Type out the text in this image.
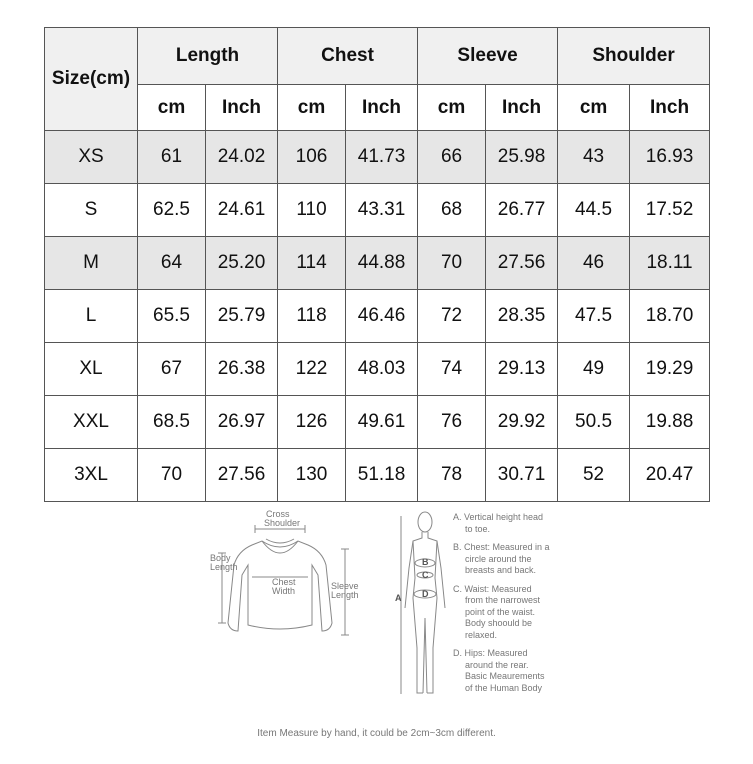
Size(cm)	Length		Chest		Sleeve		Shoulder	
	cm	Inch	cm	Inch	cm	Inch	cm	Inch
XS	61	24.02	106	41.73	66	25.98	43	16.93
S	62.5	24.61	110	43.31	68	26.77	44.5	17.52
M	64	25.20	114	44.88	70	27.56	46	18.11
L	65.5	25.79	118	46.46	72	28.35	47.5	18.70
XL	67	26.38	122	48.03	74	29.13	49	19.29
XXL	68.5	26.97	126	49.61	76	29.92	50.5	19.88
3XL	70	27.56	130	51.18	78	30.71	52	20.47
Cross
Shoulder
Body
Length
Chest
Width	Sleeve
Length	A
B
C
D
A. Vertical height head
to toe.
B. Chest: Measured in a
circle around the
breasts and back.
C. Waist: Measured
from the narrowest
point of the waist.
Body shoould be
relaxed.
D. Hips: Measured
around the rear.
Basic Meaurements
of the Human Body
Item Measure by hand, it could be 2cm~3cm different.
